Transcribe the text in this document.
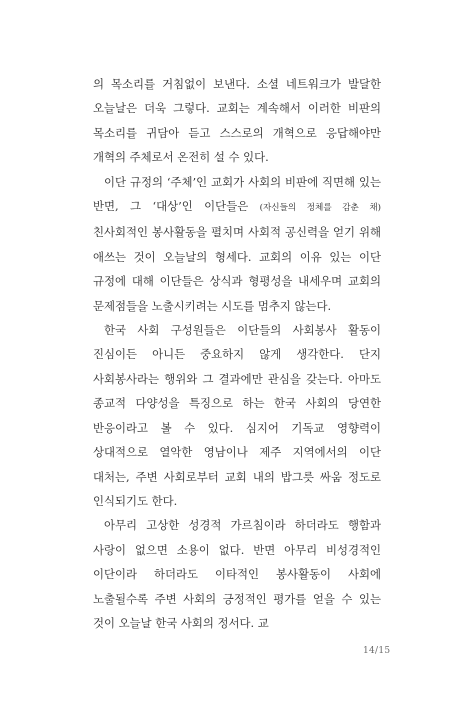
의 목소리를 거침없이 보낸다. 소셜 네트워크가 발달한 오늘날은 더욱 그렇다. 교회는 계속해서 이러한 비판의 목소리를 귀담아 듣고 스스로의 개혁으로 응답해야만 개혁의 주체로서 온전히 설 수 있다.

이단 규정의 ‘주체’인 교회가 사회의 비판에 직면해 있는 반면, 그 ‘대상’인 이단들은 (자신들의 정체를 감춘 채) 친사회적인 봉사활동을 펼치며 사회적 공신력을 얻기 위해 애쓰는 것이 오늘날의 형세다. 교회의 이유 있는 이단 규정에 대해 이단들은 상식과 형평성을 내세우며 교회의 문제점들을 노출시키려는 시도를 멈추지 않는다.

한국 사회 구성원들은 이단들의 사회봉사 활동이 진심이든 아니든 중요하지 않게 생각한다. 단지 사회봉사라는 행위와 그 결과에만 관심을 갖는다. 아마도 종교적 다양성을 특징으로 하는 한국 사회의 당연한 반응이라고 볼 수 있다. 심지어 기독교 영향력이 상대적으로 열악한 영남이나 제주 지역에서의 이단 대처는, 주변 사회로부터 교회 내의 밥그릇 싸움 정도로 인식되기도 한다.

아무리 고상한 성경적 가르침이라 하더라도 행함과 사랑이 없으면 소용이 없다. 반면 아무리 비성경적인 이단이라 하더라도 이타적인 봉사활동이 사회에 노출될수록 주변 사회의 긍정적인 평가를 얻을 수 있는 것이 오늘날 한국 사회의 정서다. 교

14/15
